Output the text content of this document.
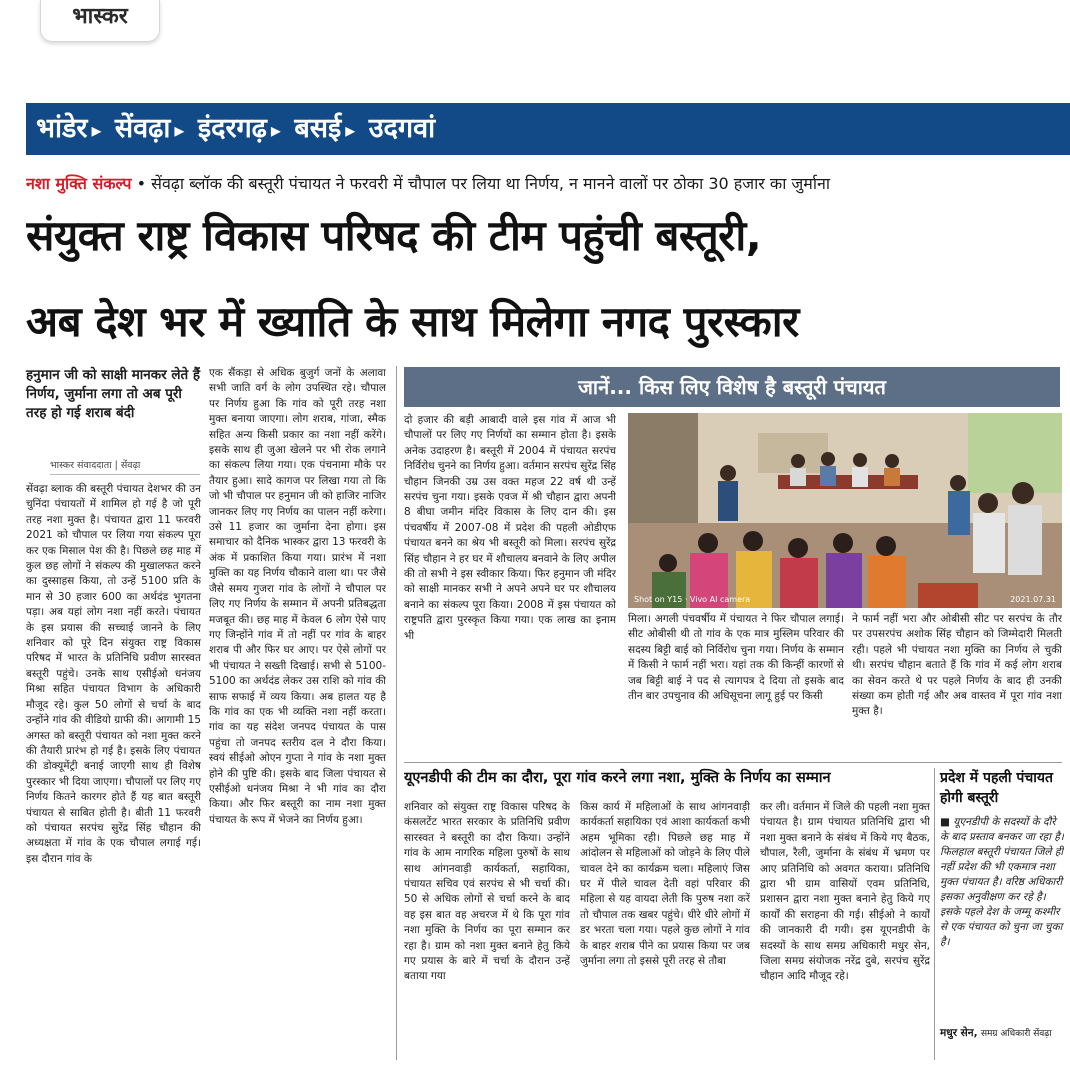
भास्कर
भांडेर ▸ सेंवढ़ा ▸ इंदरगढ़ ▸ बसई ▸ उदगवां
नशा मुक्ति संकल्प • सेंवढ़ा ब्लॉक की बस्तूरी पंचायत ने फरवरी में चौपाल पर लिया था निर्णय, न मानने वालों पर ठोका 30 हजार का जुर्माना
संयुक्त राष्ट्र विकास परिषद की टीम पहुंची बस्तूरी,
अब देश भर में ख्याति के साथ मिलेगा नगद पुरस्कार
हनुमान जी को साक्षी मानकर लेते हैं निर्णय, जुर्माना लगा तो अब पूरी तरह हो गई शराब बंदी
भास्कर संवाददाता | सेंवढ़ा
सेंवढ़ा ब्लाक की बस्तूरी पंचायत देशभर की उन चुनिंदा पंचायतों में शामिल हो गई है जो पूरी तरह नशा मुक्त है। पंचायत द्वारा 11 फरवरी 2021 को चौपाल पर लिया गया संकल्प पूरा कर एक मिसाल पेश की है। पिछले छह माह में कुल छह लोगों ने संकल्प की मुखालफत करने का दुस्साहस किया, तो उन्हें 5100 प्रति के मान से 30 हजार 600 का अर्थदंड भुगतना पड़ा। अब यहां लोग नशा नहीं करते। पंचायत के इस प्रयास की सच्चाई जानने के लिए शनिवार को पूरे दिन संयुक्त राष्ट्र विकास परिषद में भारत के प्रतिनिधि प्रवीण सारस्वत बस्तूरी पहुंचे। उनके साथ एसीईओ धनंजय मिश्रा सहित पंचायत विभाग के अधिकारी मौजूद रहे। कुल 50 लोगों से चर्चा के बाद उन्होंने गांव की वीडियो ग्राफी की। आगामी 15 अगस्त को बस्तूरी पंचायत को नशा मुक्त करने की तैयारी प्रारंभ हो गई है। इसके लिए पंचायत की डोक्यूमेंट्री बनाई जाएगी साथ ही विशेष पुरस्कार भी दिया जाएगा। चौपालों पर लिए गए निर्णय कितने कारगर होते हैं यह बात बस्तूरी पंचायत से साबित होती है। बीती 11 फरवरी को पंचायत सरपंच सुरेंद्र सिंह चौहान की अध्यक्षता में गांव के एक चौपाल लगाई गई। इस दौरान गांव के
एक सैंकड़ा से अधिक बुजुर्ग जनों के अलावा सभी जाति वर्ग के लोग उपस्थित रहे। चौपाल पर निर्णय हुआ कि गांव को पूरी तरह नशा मुक्त बनाया जाएगा। लोग शराब, गांजा, स्मैक सहित अन्य किसी प्रकार का नशा नहीं करेंगे। इसके साथ ही जुआ खेलने पर भी रोक लगाने का संकल्प लिया गया। एक पंचनामा मौके पर तैयार हुआ। सादे कागज पर लिखा गया तो कि जो भी चौपाल पर हनुमान जी को हाजिर नाजिर जानकर लिए गए निर्णय का पालन नहीं करेगा। उसे 11 हजार का जुर्माना देना होगा। इस समाचार को दैनिक भास्कर द्वारा 13 फरवरी के अंक में प्रकाशित किया गया। प्रारंभ में नशा मुक्ति का यह निर्णय चौकाने वाला था। पर जैसे जैसे समय गुजरा गांव के लोगों ने चौपाल पर लिए गए निर्णय के सम्मान में अपनी प्रतिबद्धता मजबूत की। छह माह में केवल 6 लोग ऐसे पाए गए जिन्होंने गांव में तो नहीं पर गांव के बाहर शराब पी और फिर घर आए। पर ऐसे लोगों पर भी पंचायत ने सख्ती दिखाई। सभी से 5100-5100 का अर्थदंड लेकर उस राशि को गांव की साफ सफाई में व्यय किया। अब हालत यह है कि गांव का एक भी व्यक्ति नशा नहीं करता। गांव का यह संदेश जनपद पंचायत के पास पहुंचा तो जनपद स्तरीय दल ने दौरा किया। स्वयं सीईओ ओएन गुप्ता ने गांव के नशा मुक्त होने की पुष्टि की। इसके बाद जिला पंचायत से एसीईओ धनंजय मिश्रा ने भी गांव का दौरा किया। और फिर बस्तूरी का नाम नशा मुक्त पंचायत के रूप में भेजने का निर्णय हुआ।
जानें... किस लिए विशेष है बस्तूरी पंचायत
दो हजार की बड़ी आबादी वाले इस गांव में आज भी चौपालों पर लिए गए निर्णयों का सम्मान होता है। इसके अनेक उदाहरण है। बस्तूरी में 2004 में पंचायत सरपंच निर्विरोध चुनने का निर्णय हुआ। वर्तमान सरपंच सुरेंद्र सिंह चौहान जिनकी उम्र उस वक्त महज 22 वर्ष थी उन्हें सरपंच चुना गया। इसके एवज में श्री चौहान द्वारा अपनी 8 बीघा जमीन मंदिर विकास के लिए दान की। इस पंचवर्षीय में 2007-08 में प्रदेश की पहली ओडीएफ पंचायत बनने का श्रेय भी बस्तूरी को मिला। सरपंच सुरेंद्र सिंह चौहान ने हर घर में शौचालय बनवाने के लिए अपील की तो सभी ने इस स्वीकार किया। फिर हनुमान जी मंदिर को साक्षी मानकर सभी ने अपने अपने घर पर शौचालय बनाने का संकल्प पूरा किया। 2008 में इस पंचायत को राष्ट्रपति द्वारा पुरस्कृत किया गया। एक लाख का इनाम भी
Shot on Y15 · Vivo AI camera	2021.07.31
मिला। अगली पंचवर्षीय में पंचायत ने फिर चौपाल लगाई। सीट ओबीसी थी तो गांव के एक मात्र मुस्लिम परिवार की सदस्य बिट्टी बाई को निर्विरोध चुना गया। निर्णय के सम्मान में किसी ने फार्म नहीं भरा। यहां तक की किन्हीं कारणों से जब बिट्टी बाई ने पद से त्यागपत्र दे दिया तो इसके बाद तीन बार उपचुनाव की अधिसूचना लागू हुई पर किसी
ने फार्म नहीं भरा और ओबीसी सीट पर सरपंच के तौर पर उपसरपंच अशोक सिंह चौहान को जिम्मेदारी मिलती रही। पहले भी पंचायत नशा मुक्ति का निर्णय ले चुकी थी। सरपंच चौहान बताते हैं कि गांव में कई लोग शराब का सेवन करते थे पर पहले निर्णय के बाद ही उनकी संख्या कम होती गई और अब वास्तव में पूरा गांव नशा मुक्त है।
यूएनडीपी की टीम का दौरा, पूरा गांव करने लगा नशा, मुक्ति के निर्णय का सम्मान
शनिवार को संयुक्त राष्ट्र विकास परिषद के कंसलटेंट भारत सरकार के प्रतिनिधि प्रवीण सारस्वत ने बस्तूरी का दौरा किया। उन्होंने गांव के आम नागरिक महिला पुरुषों के साथ साथ आंगनवाड़ी कार्यकर्ता, सहायिका, पंचायत सचिव एवं सरपंच से भी चर्चा की। 50 से अधिक लोगों से चर्चा करने के बाद वह इस बात वह अचरज में थे कि पूरा गांव नशा मुक्ति के निर्णय का पूरा सम्मान कर रहा है। ग्राम को नशा मुक्त बनाने हेतु किये गए प्रयास के बारे में चर्चा के दौरान उन्हें बताया गया
किस कार्य में महिलाओं के साथ आंगनवाड़ी कार्यकर्ता सहायिका एवं आशा कार्यकर्ता कभी अहम भूमिका रही। पिछले छह माह में आंदोलन से महिलाओं को जोड़ने के लिए पीले चावल देने का कार्यक्रम चला। महिलाएं जिस घर में पीले चावल देती वहां परिवार की महिला से यह वायदा लेती कि पुरुष नशा करें तो चौपाल तक खबर पहुंचे। धीरे धीरे लोगों में डर भरता चला गया। पहले कुछ लोगों ने गांव के बाहर शराब पीने का प्रयास किया पर जब जुर्माना लगा तो इससे पूरी तरह से तौबा
कर ली। वर्तमान में जिले की पहली नशा मुक्त पंचायत है। ग्राम पंचायत प्रतिनिधि द्वारा भी नशा मुक्त बनाने के संबंध में किये गए बैठक, चौपाल, रैली, जुर्माना के संबंध में भ्रमण पर आए प्रतिनिधि को अवगत कराया। प्रतिनिधि द्वारा भी ग्राम वासियों एवम प्रतिनिधि, प्रशासन द्वारा नशा मुक्त बनाने हेतु किये गए कार्यों की सराहना की गई। सीईओ ने कार्यों की जानकारी दी गयी। इस यूएनडीपी के सदस्यों के साथ समग्र अधिकारी मधुर सेन, जिला समग्र संयोजक नरेंद्र दुबे, सरपंच सुरेंद्र चौहान आदि मौजूद रहे।
प्रदेश में पहली पंचायत होगी बस्तूरी
■ यूएनडीपी के सदस्यों के दौरे के बाद प्रस्ताव बनकर जा रहा है। फिलहाल बस्तूरी पंचायत जिले ही नहीं प्रदेश की भी एकमात्र नशा मुक्त पंचायत है। वरिष्ठ अधिकारी इसका अनुवीक्षण कर रहे है। इसके पहले देश के जम्मू कश्मीर से एक पंचायत को चुना जा चुका है।
मधुर सेन, समग्र अधिकारी सेंवढ़ा
